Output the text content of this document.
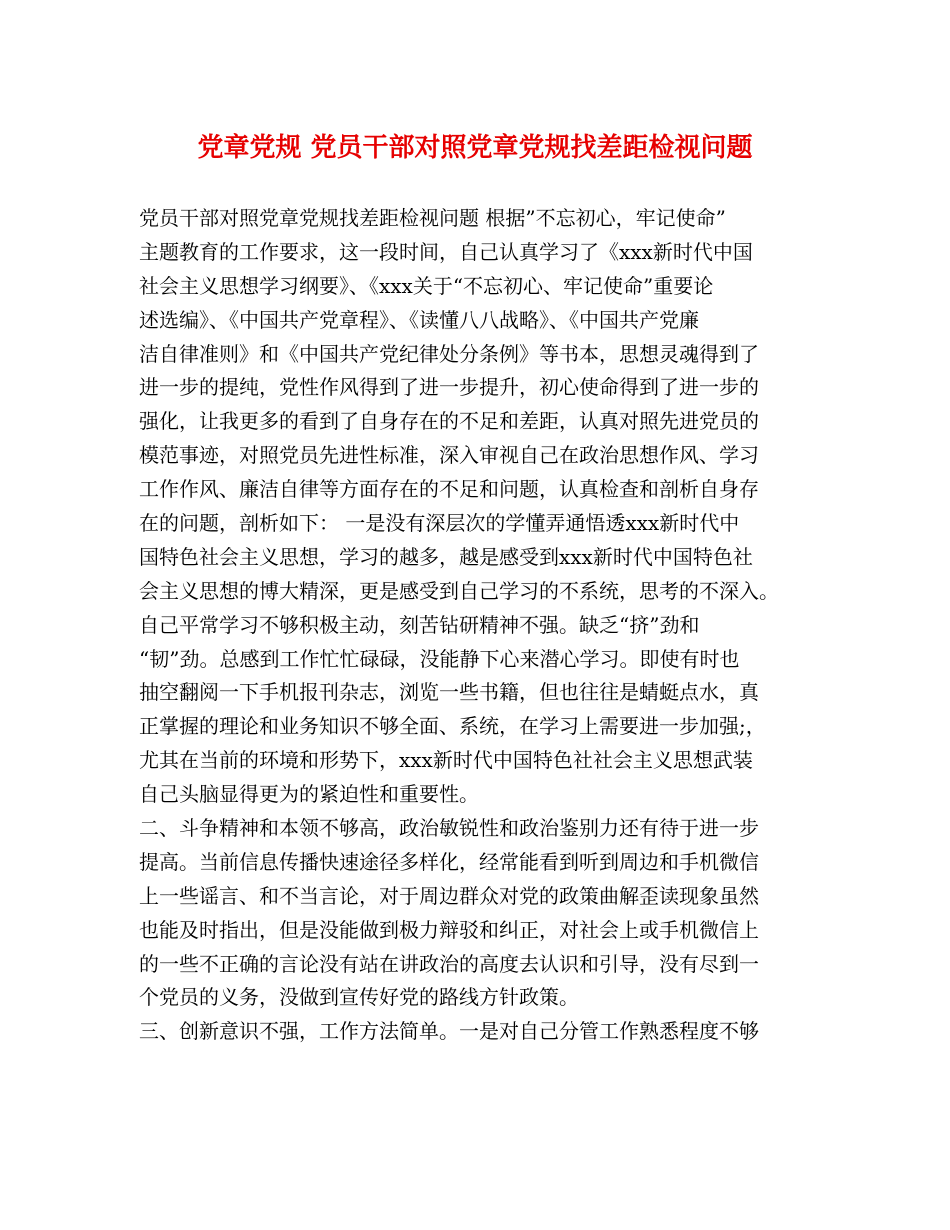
党章党规 党员干部对照党章党规找差距检视问题
党员干部对照党章党规找差距检视问题 根据”不忘初心，牢记使命”
主题教育的工作要求，这一段时间，自己认真学习了《xxx新时代中国
社会主义思想学习纲要》、《xxx关于“不忘初心、牢记使命”重要论
述选编》、《中国共产党章程》、《读懂八八战略》、《中国共产党廉
洁自律准则》和《中国共产党纪律处分条例》等书本，思想灵魂得到了
进一步的提纯，党性作风得到了进一步提升，初心使命得到了进一步的
强化，让我更多的看到了自身存在的不足和差距，认真对照先进党员的
模范事迹，对照党员先进性标准，深入审视自己在政治思想作风、学习
工作作风、廉洁自律等方面存在的不足和问题，认真检查和剖析自身存
在的问题，剖析如下： 一是没有深层次的学懂弄通悟透xxx新时代中
国特色社会主义思想，学习的越多，越是感受到xxx新时代中国特色社
会主义思想的博大精深，更是感受到自己学习的不系统，思考的不深入。
自己平常学习不够积极主动，刻苦钻研精神不强。缺乏“挤”劲和
“韧”劲。总感到工作忙忙碌碌，没能静下心来潜心学习。即使有时也
抽空翻阅一下手机报刊杂志，浏览一些书籍，但也往往是蜻蜓点水，真
正掌握的理论和业务知识不够全面、系统，在学习上需要进一步加强;，
尤其在当前的环境和形势下，xxx新时代中国特色社社会主义思想武装
自己头脑显得更为的紧迫性和重要性。
二、斗争精神和本领不够高，政治敏锐性和政治鉴别力还有待于进一步
提高。当前信息传播快速途径多样化，经常能看到听到周边和手机微信
上一些谣言、和不当言论，对于周边群众对党的政策曲解歪读现象虽然
也能及时指出，但是没能做到极力辩驳和纠正，对社会上或手机微信上
的一些不正确的言论没有站在讲政治的高度去认识和引导，没有尽到一
个党员的义务，没做到宣传好党的路线方针政策。
三、创新意识不强，工作方法简单。一是对自己分管工作熟悉程度不够
